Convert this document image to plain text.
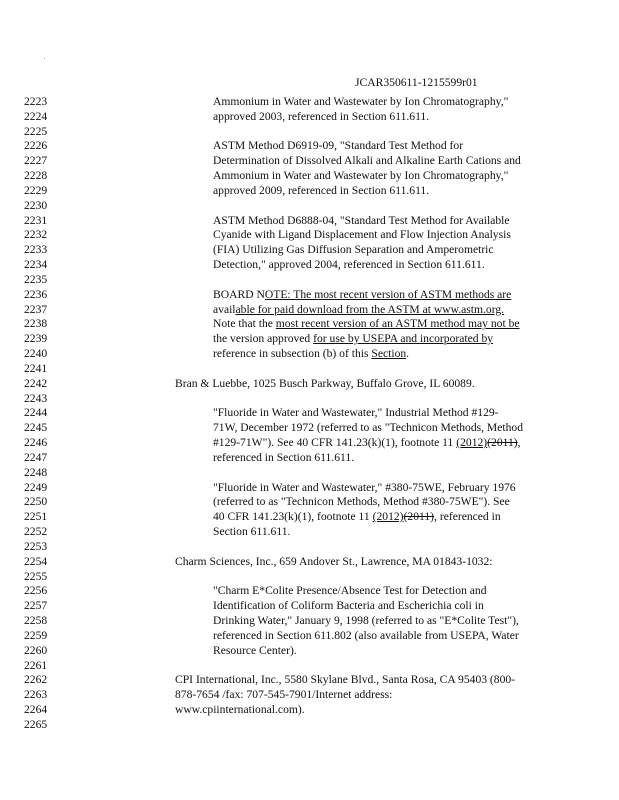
JCAR350611-1215599r01
2223	Ammonium in Water and Wastewater by Ion Chromatography,"
2224	approved 2003, referenced in Section 611.611.
2225
2226	ASTM Method D6919-09, "Standard Test Method for
2227	Determination of Dissolved Alkali and Alkaline Earth Cations and
2228	Ammonium in Water and Wastewater by Ion Chromatography,"
2229	approved 2009, referenced in Section 611.611.
2230
2231	ASTM Method D6888-04, "Standard Test Method for Available
2232	Cyanide with Ligand Displacement and Flow Injection Analysis
2233	(FIA) Utilizing Gas Diffusion Separation and Amperometric
2234	Detection," approved 2004, referenced in Section 611.611.
2235
2236	BOARD NOTE: The most recent version of ASTM methods are
2237	available for paid download from the ASTM at www.astm.org.
2238	Note that the most recent version of an ASTM method may not be
2239	the version approved for use by USEPA and incorporated by
2240	reference in subsection (b) of this Section.
2241
2242	Bran & Luebbe, 1025 Busch Parkway, Buffalo Grove, IL 60089.
2243
2244	"Fluoride in Water and Wastewater," Industrial Method #129-
2245	71W, December 1972 (referred to as "Technicon Methods, Method
2246	#129-71W"). See 40 CFR 141.23(k)(1), footnote 11 (2012)(2011),
2247	referenced in Section 611.611.
2248
2249	"Fluoride in Water and Wastewater," #380-75WE, February 1976
2250	(referred to as "Technicon Methods, Method #380-75WE"). See
2251	40 CFR 141.23(k)(1), footnote 11 (2012)(2011), referenced in
2252	Section 611.611.
2253
2254	Charm Sciences, Inc., 659 Andover St., Lawrence, MA 01843-1032:
2255
2256	"Charm E*Colite Presence/Absence Test for Detection and
2257	Identification of Coliform Bacteria and Escherichia coli in
2258	Drinking Water," January 9, 1998 (referred to as "E*Colite Test"),
2259	referenced in Section 611.802 (also available from USEPA, Water
2260	Resource Center).
2261
2262	CPI International, Inc., 5580 Skylane Blvd., Santa Rosa, CA 95403 (800-
2263	878-7654 /fax: 707-545-7901/Internet address:
2264	www.cpiinternational.com).
2265
